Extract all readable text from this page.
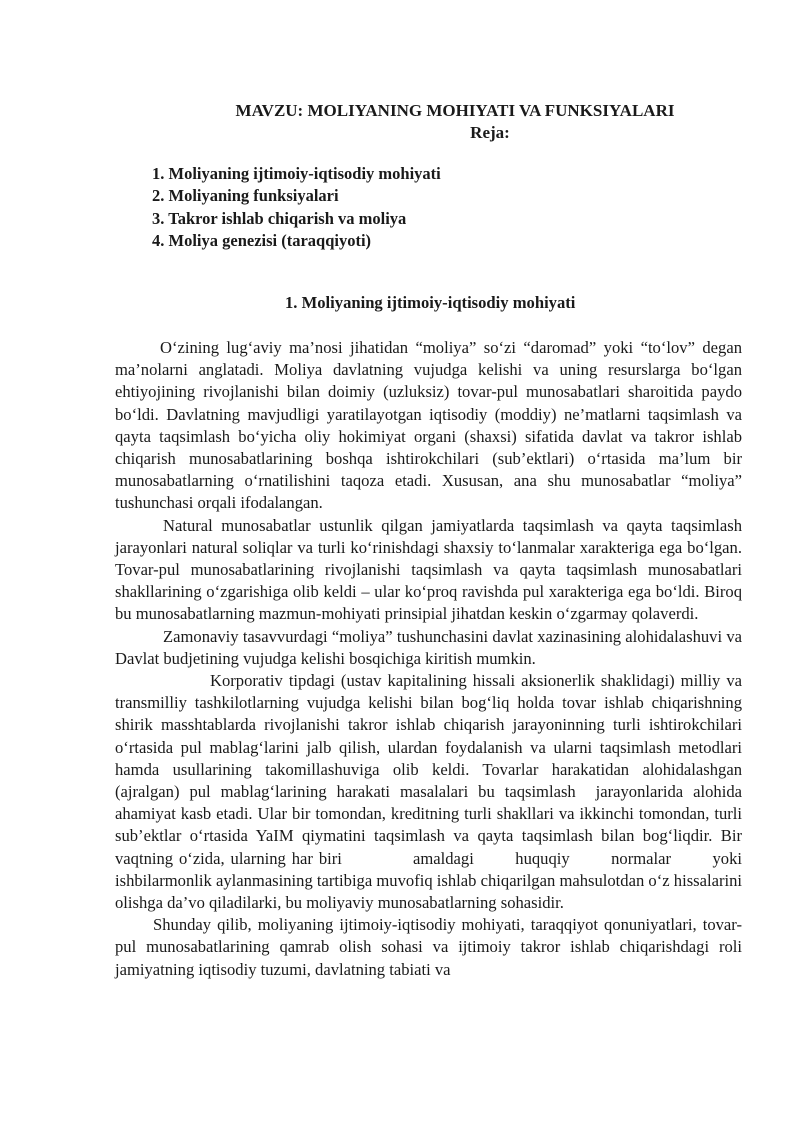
MAVZU: MOLIYANING MOHIYATI VA FUNKSIYALARI
Reja:
1. Moliyaning ijtimoiy-iqtisodiy mohiyati
2. Moliyaning funksiyalari
3. Takror ishlab chiqarish va moliya
4. Moliya genezisi (taraqqiyoti)
1. Moliyaning ijtimoiy-iqtisodiy mohiyati

O‘zining lug‘aviy ma’nosi jihatidan “moliya” so‘zi “daromad” yoki “to‘lov” degan ma’nolarni anglatadi. Moliya davlatning vujudga kelishi va uning resurslarga bo‘lgan ehtiyojining rivojlanishi bilan doimiy (uzluksiz) tovar-pul munosabatlari sharoitida paydo bo‘ldi. Davlatning mavjudligi yaratilayotgan iqtisodiy (moddiy) ne’matlarni taqsimlash va qayta taqsimlash bo‘yicha oliy hokimiyat organi (shaxsi) sifatida davlat va takror ishlab chiqarish munosabatlarining boshqa ishtirokchilari (sub’ektlari) o‘rtasida ma’lum bir munosabatlarning o‘rnatilishini taqoza etadi. Xususan, ana shu munosabatlar “moliya” tushunchasi orqali ifodalangan.

Natural munosabatlar ustunlik qilgan jamiyatlarda taqsimlash va qayta taqsimlash jarayonlari natural soliqlar va turli ko‘rinishdagi shaxsiy to‘lanmalar xarakteriga ega bo‘lgan. Tovar-pul munosabatlarining rivojlanishi taqsimlash va qayta taqsimlash munosabatlari shakllarining o‘zgarishiga olib keldi – ular ko‘proq ravishda pul xarakteriga ega bo‘ldi. Biroq bu munosabatlarning mazmun-mohiyati prinsipial jihatdan keskin o‘zgarmay qolaverdi.

Zamonaviy tasavvurdagi “moliya” tushunchasini davlat xazinasining alohidalashuvi va Davlat budjetining vujudga kelishi bosqichiga kiritish mumkin.

Korporativ tipdagi (ustav kapitalining hissali aksionerlik shaklidagi) milliy va transmilliy tashkilotlarning vujudga kelishi bilan bog‘liq holda tovar ishlab chiqarishning shirik masshtablarda rivojlanishi takror ishlab chiqarish jarayoninning turli ishtirokchilari o‘rtasida pul mablag‘larini jalb qilish, ulardan foydalanish va ularni taqsimlash metodlari hamda usullarining takomillashuviga olib keldi. Tovarlar harakatidan alohidalashgan (ajralgan) pul mablag‘larining harakati masalalari bu taqsimlash  jarayonlarida alohida ahamiyat kasb etadi. Ular bir tomondan, kreditning turli shakllari va ikkinchi tomondan, turli sub’ektlar o‘rtasida YaIM qiymatini taqsimlash va qayta taqsimlash bilan bog‘liqdir. Bir vaqtning o‘zida, ularning har biri            amaldagi       huquqiy       normalar       yoki ishbilarmonlik aylanmasining tartibiga muvofiq ishlab chiqarilgan mahsulotdan o‘z hissalarini olishga da’vo qiladilarki, bu moliyaviy munosabatlarning sohasidir.

Shunday qilib, moliyaning ijtimoiy-iqtisodiy mohiyati, taraqqiyot qonuniyatlari, tovar-pul munosabatlarining qamrab olish sohasi va ijtimoiy takror ishlab chiqarishdagi roli jamiyatning iqtisodiy tuzumi, davlatning tabiati va
